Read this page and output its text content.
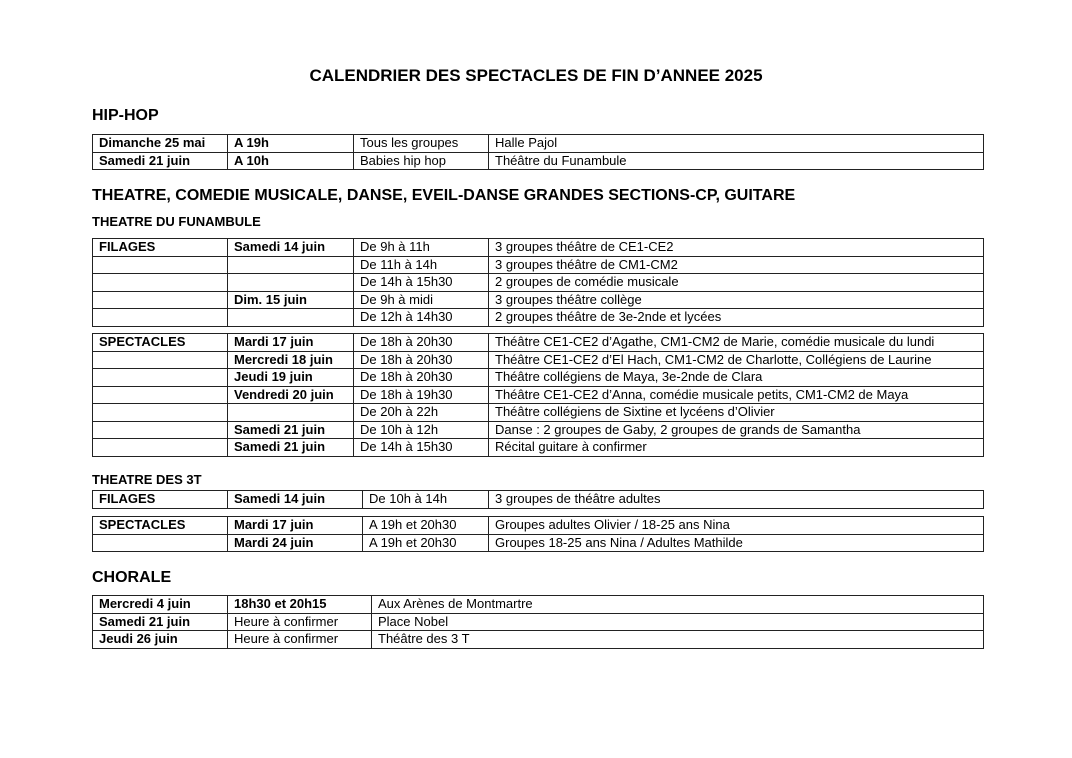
CALENDRIER DES SPECTACLES DE FIN D’ANNEE 2025
HIP-HOP
Dimanche 25 mai	A 19h	Tous les groupes	Halle Pajol
Samedi 21 juin	A 10h	Babies hip hop	Théâtre du Funambule
THEATRE, COMEDIE MUSICALE, DANSE, EVEIL-DANSE GRANDES SECTIONS-CP, GUITARE
THEATRE DU FUNAMBULE
FILAGES	Samedi 14 juin	De 9h à 11h	3 groupes théâtre de CE1-CE2
		De 11h à 14h	3 groupes théâtre de CM1-CM2
		De 14h à 15h30	2 groupes de comédie musicale
	Dim. 15 juin	De 9h à midi	3 groupes théâtre collège
		De 12h à 14h30	2 groupes théâtre de 3e-2nde et lycées
SPECTACLES	Mardi 17 juin	De 18h à 20h30	Théâtre CE1-CE2 d’Agathe, CM1-CM2 de Marie, comédie musicale du lundi
	Mercredi 18 juin	De 18h à 20h30	Théâtre CE1-CE2 d’El Hach, CM1-CM2 de Charlotte, Collégiens de Laurine
	Jeudi 19 juin	De 18h à 20h30	Théâtre collégiens de Maya, 3e-2nde de Clara
	Vendredi 20 juin	De 18h à 19h30	Théâtre CE1-CE2 d’Anna, comédie musicale petits, CM1-CM2 de Maya
		De 20h à 22h	Théâtre collégiens de Sixtine et lycéens d’Olivier
	Samedi 21 juin	De 10h à 12h	Danse : 2 groupes de Gaby, 2 groupes de grands de Samantha
	Samedi 21 juin	De 14h à 15h30	Récital guitare à confirmer
THEATRE DES 3T
FILAGES	Samedi 14 juin	De 10h à 14h	3 groupes de théâtre adultes
SPECTACLES	Mardi 17 juin	A 19h et 20h30	Groupes adultes Olivier / 18-25 ans Nina
	Mardi 24 juin	A 19h et 20h30	Groupes 18-25 ans Nina / Adultes Mathilde
CHORALE
Mercredi 4 juin	18h30 et 20h15	Aux Arènes de Montmartre
Samedi 21 juin	Heure à confirmer	Place Nobel
Jeudi 26 juin	Heure à confirmer	Théâtre des 3 T
